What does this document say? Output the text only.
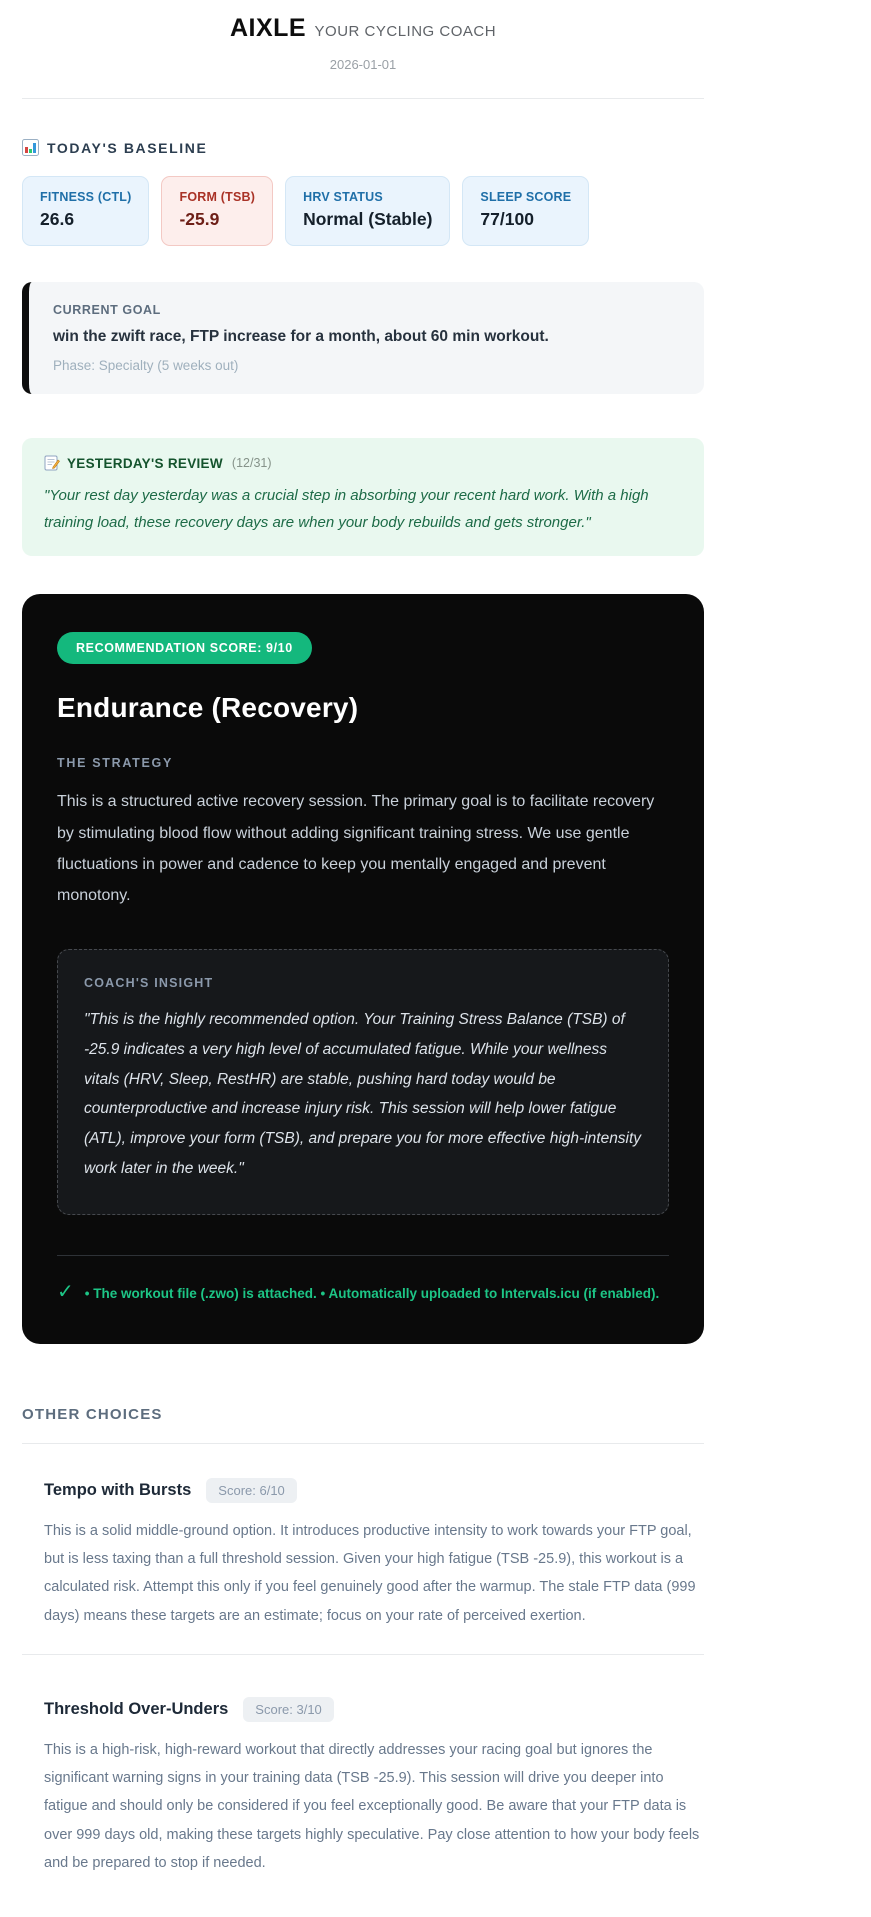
AIXLE YOUR CYCLING COACH
2026-01-01
TODAY'S BASELINE
FITNESS (CTL)
26.6
FORM (TSB)
-25.9
HRV STATUS
Normal (Stable)
SLEEP SCORE
77/100
CURRENT GOAL
win the zwift race, FTP increase for a month, about 60 min workout.
Phase: Specialty (5 weeks out)
YESTERDAY'S REVIEW (12/31)
"Your rest day yesterday was a crucial step in absorbing your recent hard work. With a high training load, these recovery days are when your body rebuilds and gets stronger."
RECOMMENDATION SCORE: 9/10
Endurance (Recovery)
THE STRATEGY
This is a structured active recovery session. The primary goal is to facilitate recovery by stimulating blood flow without adding significant training stress. We use gentle fluctuations in power and cadence to keep you mentally engaged and prevent monotony.
COACH'S INSIGHT
"This is the highly recommended option. Your Training Stress Balance (TSB) of -25.9 indicates a very high level of accumulated fatigue. While your wellness vitals (HRV, Sleep, RestHR) are stable, pushing hard today would be counterproductive and increase injury risk. This session will help lower fatigue (ATL), improve your form (TSB), and prepare you for more effective high-intensity work later in the week."
✓ • The workout file (.zwo) is attached. • Automatically uploaded to Intervals.icu (if enabled).
OTHER CHOICES
Tempo with Bursts	Score: 6/10
This is a solid middle-ground option. It introduces productive intensity to work towards your FTP goal, but is less taxing than a full threshold session. Given your high fatigue (TSB -25.9), this workout is a calculated risk. Attempt this only if you feel genuinely good after the warmup. The stale FTP data (999 days) means these targets are an estimate; focus on your rate of perceived exertion.
Threshold Over-Unders	Score: 3/10
This is a high-risk, high-reward workout that directly addresses your racing goal but ignores the significant warning signs in your training data (TSB -25.9). This session will drive you deeper into fatigue and should only be considered if you feel exceptionally good. Be aware that your FTP data is over 999 days old, making these targets highly speculative. Pay close attention to how your body feels and be prepared to stop if needed.
